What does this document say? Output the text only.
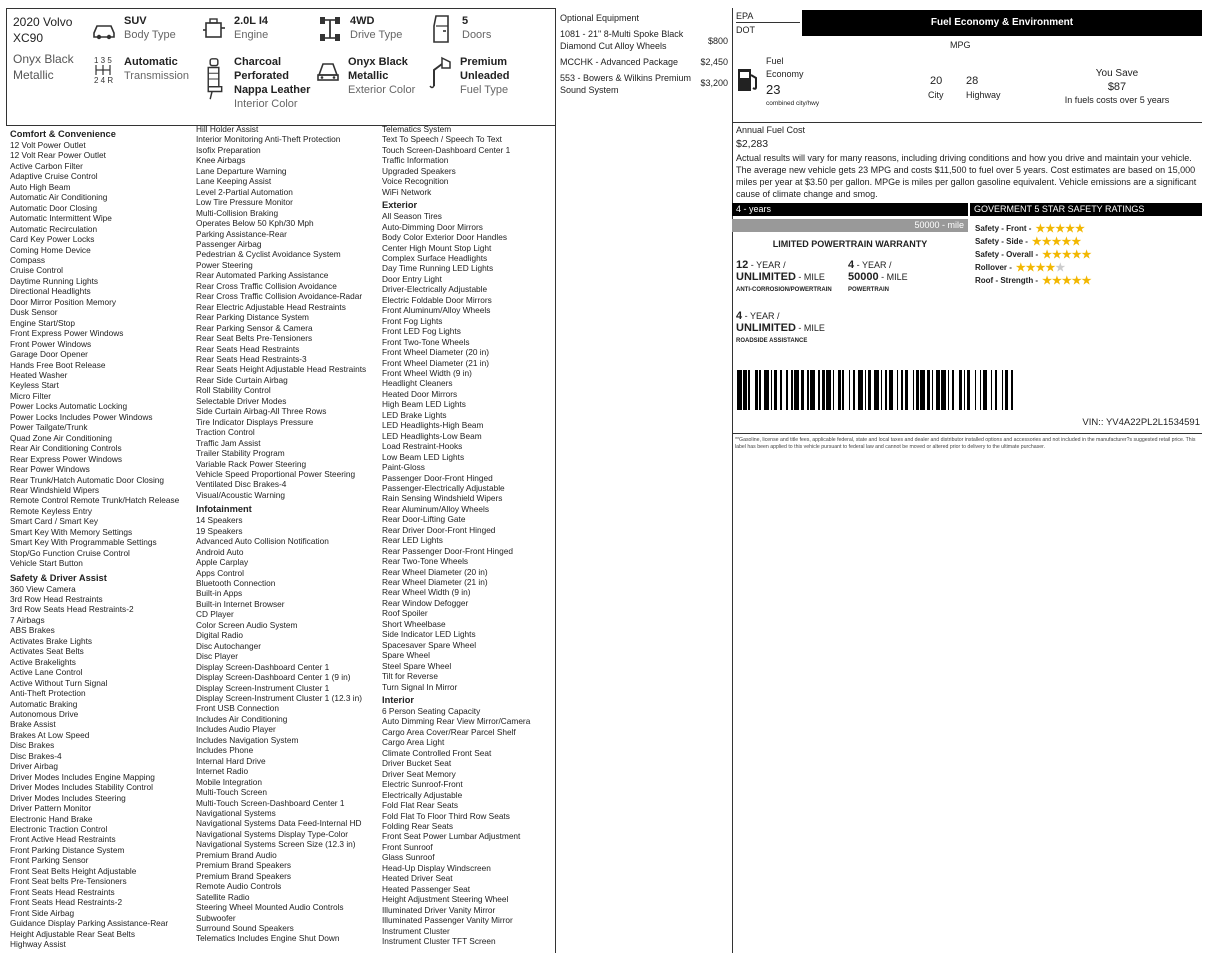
2020 Volvo
XC90
Onyx Black
Metallic
SUV
Body Type
2.0L I4
Engine
4WD
Drive Type
5
Doors
1 3 5
2 4 R
Automatic
Transmission
Charcoal
Perforated
Nappa Leather
Interior Color
Onyx Black
Metallic
Exterior Color
Premium
Unleaded
Fuel Type
Comfort & Convenience
12 Volt Power Outlet
12 Volt Rear Power Outlet
Active Carbon Filter
Adaptive Cruise Control
Auto High Beam
Automatic Air Conditioning
Automatic Door Closing
Automatic Intermittent Wipe
Automatic Recirculation
Card Key Power Locks
Coming Home Device
Compass
Cruise Control
Daytime Running Lights
Directional Headlights
Door Mirror Position Memory
Dusk Sensor
Engine Start/Stop
Front Express Power Windows
Front Power Windows
Garage Door Opener
Hands Free Boot Release
Heated Washer
Keyless Start
Micro Filter
Power Locks Automatic Locking
Power Locks Includes Power Windows
Power Tailgate/Trunk
Quad Zone Air Conditioning
Rear Air Conditioning Controls
Rear Express Power Windows
Rear Power Windows
Rear Trunk/Hatch Automatic Door Closing
Rear Windshield Wipers
Remote Control Remote Trunk/Hatch Release
Remote Keyless Entry
Smart Card / Smart Key
Smart Key With Memory Settings
Smart Key With Programmable Settings
Stop/Go Function Cruise Control
Vehicle Start Button
Safety & Driver Assist
360 View Camera
3rd Row Head Restraints
3rd Row Seats Head Restraints-2
7 Airbags
ABS Brakes
Activates Brake Lights
Activates Seat Belts
Active Brakelights
Active Lane Control
Active Without Turn Signal
Anti-Theft Protection
Automatic Braking
Autonomous Drive
Brake Assist
Brakes At Low Speed
Disc Brakes
Disc Brakes-4
Driver Airbag
Driver Modes Includes Engine Mapping
Driver Modes Includes Stability Control
Driver Modes Includes Steering
Driver Pattern Monitor
Electronic Hand Brake
Electronic Traction Control
Front Active Head Restraints
Front Parking Distance System
Front Parking Sensor
Front Seat Belts Height Adjustable
Front Seat belts Pre-Tensioners
Front Seats Head Restraints
Front Seats Head Restraints-2
Front Side Airbag
Guidance Display Parking Assistance-Rear
Height Adjustable Rear Seat Belts
Highway Assist
Hill Holder Assist
Interior Monitoring Anti-Theft Protection
Isofix Preparation
Knee Airbags
Lane Departure Warning
Lane Keeping Assist
Level 2-Partial Automation
Low Tire Pressure Monitor
Multi-Collision Braking
Operates Below 50 Kph/30 Mph
Parking Assistance-Rear
Passenger Airbag
Pedestrian & Cyclist Avoidance System
Power Steering
Rear Automated Parking Assistance
Rear Cross Traffic Collision Avoidance
Rear Cross Traffic Collision Avoidance-Radar
Rear Electric Adjustable Head Restraints
Rear Parking Distance System
Rear Parking Sensor & Camera
Rear Seat Belts Pre-Tensioners
Rear Seats Head Restraints
Rear Seats Head Restraints-3
Rear Seats Height Adjustable Head Restraints
Rear Side Curtain Airbag
Roll Stability Control
Selectable Driver Modes
Side Curtain Airbag-All Three Rows
Tire Indicator Displays Pressure
Traction Control
Traffic Jam Assist
Trailer Stability Program
Variable Rack Power Steering
Vehicle Speed Proportional Power Steering
Ventilated Disc Brakes-4
Visual/Acoustic Warning
Infotainment
14 Speakers
19 Speakers
Advanced Auto Collision Notification
Android Auto
Apple Carplay
Apps Control
Bluetooth Connection
Built-in Apps
Built-in Internet Browser
CD Player
Color Screen Audio System
Digital Radio
Disc Autochanger
Disc Player
Display Screen-Dashboard Center 1
Display Screen-Dashboard Center 1 (9 in)
Display Screen-Instrument Cluster 1
Display Screen-Instrument Cluster 1 (12.3 in)
Front USB Connection
Includes Air Conditioning
Includes Audio Player
Includes Navigation System
Includes Phone
Internal Hard Drive
Internet Radio
Mobile Integration
Multi-Touch Screen
Multi-Touch Screen-Dashboard Center 1
Navigational Systems
Navigational Systems Data Feed-Internal HD
Navigational Systems Display Type-Color
Navigational Systems Screen Size (12.3 in)
Premium Brand Audio
Premium Brand Speakers
Premium Brand Speakers
Remote Audio Controls
Satellite Radio
Steering Wheel Mounted Audio Controls
Subwoofer
Surround Sound Speakers
Telematics Includes Engine Shut Down
Telematics System
Text To Speech / Speech To Text
Touch Screen-Dashboard Center 1
Traffic Information
Upgraded Speakers
Voice Recognition
WiFi Network
Exterior
All Season Tires
Auto-Dimming Door Mirrors
Body Color Exterior Door Handles
Center High Mount Stop Light
Complex Surface Headlights
Day Time Running LED Lights
Door Entry Light
Driver-Electrically Adjustable
Electric Foldable Door Mirrors
Front Aluminum/Alloy Wheels
Front Fog Lights
Front LED Fog Lights
Front Two-Tone Wheels
Front Wheel Diameter (20 in)
Front Wheel Diameter (21 in)
Front Wheel Width (9 in)
Headlight Cleaners
Heated Door Mirrors
High Beam LED Lights
LED Brake Lights
LED Headlights-High Beam
LED Headlights-Low Beam
Load Restraint-Hooks
Low Beam LED Lights
Paint-Gloss
Passenger Door-Front Hinged
Passenger-Electrically Adjustable
Rain Sensing Windshield Wipers
Rear Aluminum/Alloy Wheels
Rear Door-Lifting Gate
Rear Driver Door-Front Hinged
Rear LED Lights
Rear Passenger Door-Front Hinged
Rear Two-Tone Wheels
Rear Wheel Diameter (20 in)
Rear Wheel Diameter (21 in)
Rear Wheel Width (9 in)
Rear Window Defogger
Roof Spoiler
Short Wheelbase
Side Indicator LED Lights
Spacesaver Spare Wheel
Spare Wheel
Steel Spare Wheel
Tilt for Reverse
Turn Signal In Mirror
Interior
6 Person Seating Capacity
Auto Dimming Rear View Mirror/Camera
Cargo Area Cover/Rear Parcel Shelf
Cargo Area Light
Climate Controlled Front Seat
Driver Bucket Seat
Driver Seat Memory
Electric Sunroof-Front
Electrically Adjustable
Fold Flat Rear Seats
Fold Flat To Floor Third Row Seats
Folding Rear Seats
Front Seat Power Lumbar Adjustment
Front Sunroof
Glass Sunroof
Head-Up Display Windscreen
Heated Driver Seat
Heated Passenger Seat
Height Adjustment Steering Wheel
Illuminated Driver Vanity Mirror
Illuminated Passenger Vanity Mirror
Instrument Cluster
Instrument Cluster TFT Screen
Optional Equipment
1081 - 21" 8-Multi Spoke Black
Diamond Cut Alloy Wheels	$800
MCCHK - Advanced Package	$2,450
553 - Bowers & Wilkins Premium
Sound System
$3,200
EPA
DOT
Fuel Economy & Environment
MPG
Fuel
Economy
23
combined city/hwy
20
City
28
Highway
You Save
$87
In fuels costs over 5 years
Annual Fuel Cost
$2,283
Actual results will vary for many reasons, including driving conditions and how you drive and maintain your vehicle. The average new vehicle gets 23 MPG and costs $11,500 to fuel over 5 years. Cost estimates are based on 15,000 miles per year at $3.50 per gallon. MPGe is miles per gallon gasoline equivalent. Vehicle emissions are a significant cause of climate change and smog.
4 - years
50000 - mile
LIMITED POWERTRAIN WARRANTY
12 - YEAR /
UNLIMITED - MILE
ANTI-CORROSION/POWERTRAIN
4 - YEAR /
50000 - MILE
POWERTRAIN
4 - YEAR /
UNLIMITED - MILE
ROADSIDE ASSISTANCE
GOVERMENT 5 STAR SAFETY RATINGS
Safety - Front - ★★★★★
Safety - Side - ★★★★★
Safety - Overall - ★★★★★
Rollover - ★★★★★
Roof - Strength - ★★★★★
VIN:: YV4A22PL2L1534591
**Gasoline, license and title fees, applicable federal, state and local taxes and dealer and distributor installed options and accessories and not included in the manufacturer?s suggested retail price. This label has been applied to this vehicle pursuant to federal law and cannot be moved or altered prior to delivery to the ultimate purchaser.
